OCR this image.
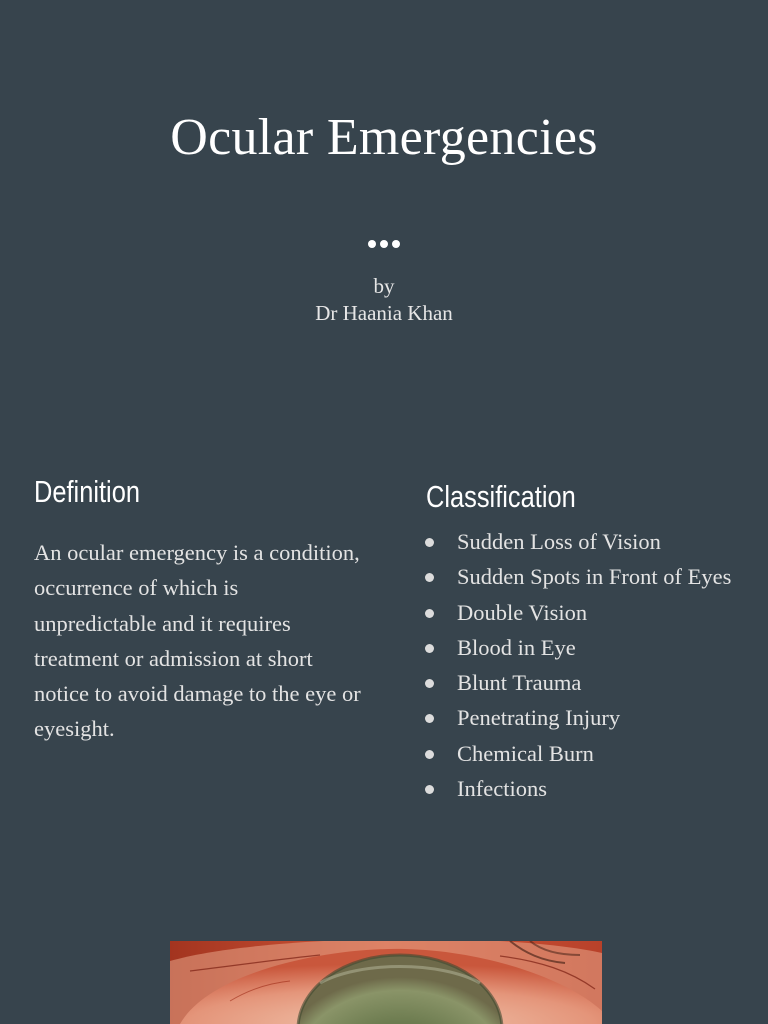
Ocular Emergencies
by
Dr Haania Khan
Definition
An ocular emergency is a condition, occurrence of which is unpredictable and it requires treatment or admission at short notice to avoid damage to the eye or eyesight.
Classification
Sudden Loss of Vision
Sudden Spots in Front of Eyes
Double Vision
Blood in Eye
Blunt Trauma
Penetrating Injury
Chemical Burn
Infections
